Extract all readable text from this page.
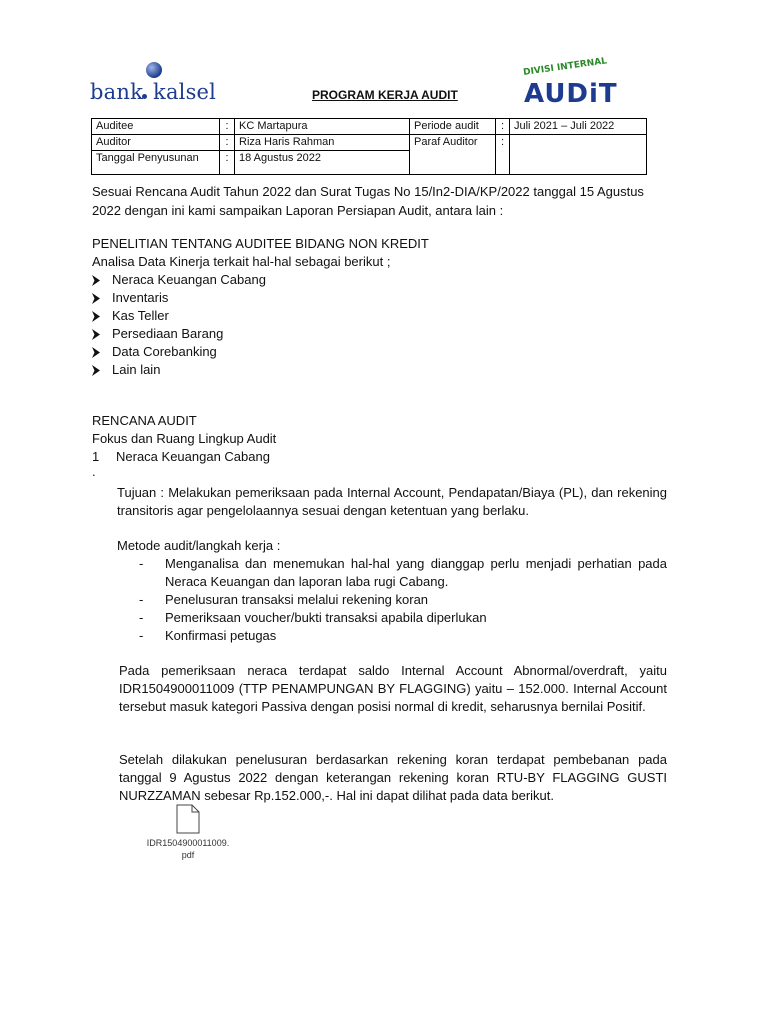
bank kalsel	PROGRAM KERJA AUDIT
DIVISI INTERNAL
AUDiT
Auditee	:	KC Martapura	Periode audit	:	Juli 2021 – Juli 2022
Auditor	:	Riza Haris Rahman	Paraf Auditor	:	
Tanggal Penyusunan	:	18 Agustus 2022			
Sesuai Rencana Audit Tahun 2022 dan Surat Tugas No 15/In2-DIA/KP/2022 tanggal 15 Agustus 2022 dengan ini kami sampaikan Laporan Persiapan Audit, antara lain :
PENELITIAN TENTANG AUDITEE BIDANG NON KREDIT
Analisa Data Kinerja terkait hal-hal sebagai berikut ;
Neraca Keuangan Cabang
Inventaris
Kas Teller
Persediaan Barang
Data Corebanking
Lain lain
RENCANA AUDIT
Fokus dan Ruang Lingkup Audit
1	Neraca Keuangan Cabang
.
Tujuan : Melakukan pemeriksaan pada Internal Account, Pendapatan/Biaya (PL), dan rekening transitoris agar pengelolaannya sesuai dengan ketentuan yang berlaku.
Metode audit/langkah kerja :
-	Menganalisa dan menemukan hal-hal yang dianggap perlu menjadi perhatian pada Neraca Keuangan dan laporan laba rugi Cabang.
-	Penelusuran transaksi melalui rekening koran
-	Pemeriksaan voucher/bukti transaksi apabila diperlukan
-	Konfirmasi petugas
Pada pemeriksaan neraca terdapat saldo Internal Account Abnormal/overdraft, yaitu IDR1504900011009 (TTP PENAMPUNGAN BY FLAGGING) yaitu – 152.000. Internal Account tersebut masuk kategori Passiva dengan posisi normal di kredit, seharusnya bernilai Positif.
Setelah dilakukan penelusuran berdasarkan rekening koran terdapat pembebanan pada tanggal 9 Agustus 2022 dengan keterangan rekening koran RTU-BY FLAGGING GUSTI NURZZAMAN sebesar Rp.152.000,-. Hal ini dapat dilihat pada data berikut.
IDR1504900011009.
pdf
